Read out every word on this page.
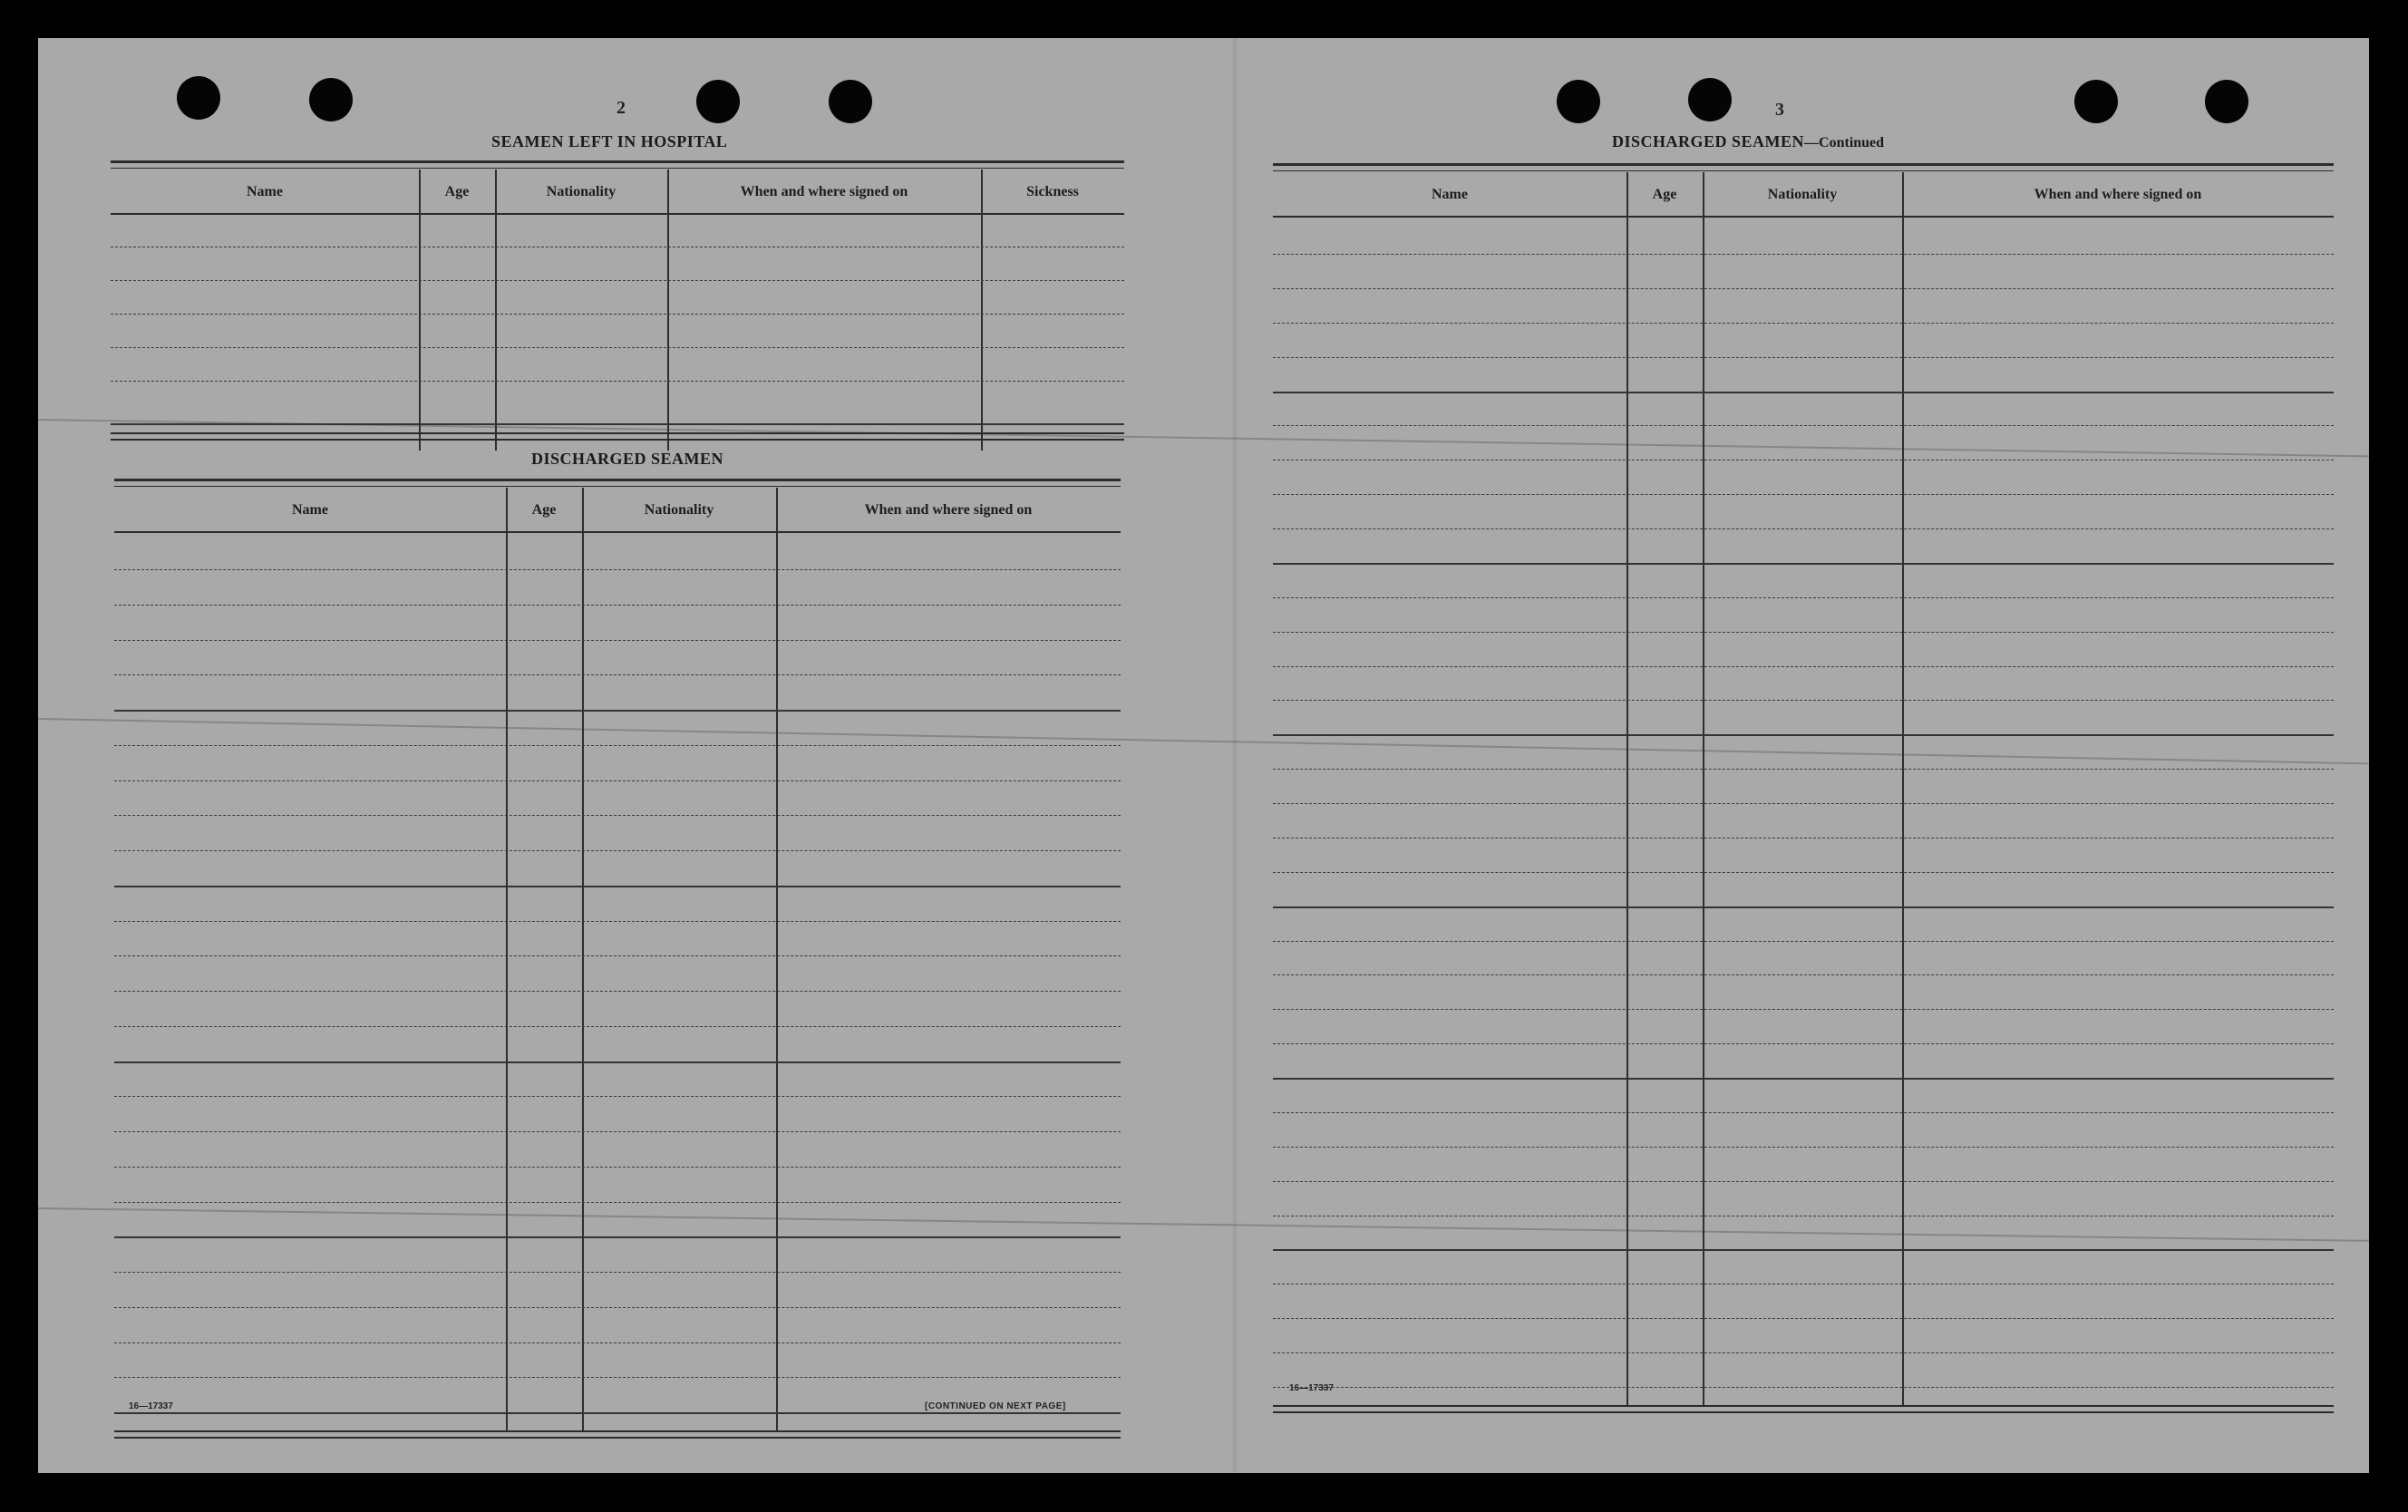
2
SEAMEN LEFT IN HOSPITAL
Name	Age	Nationality	When and where signed on	Sickness
DISCHARGED SEAMEN
Name	Age	Nationality	When and where signed on
16—17337	[CONTINUED ON NEXT PAGE]
3
DISCHARGED SEAMEN—Continued
Name	Age	Nationality	When and where signed on
16—17337
